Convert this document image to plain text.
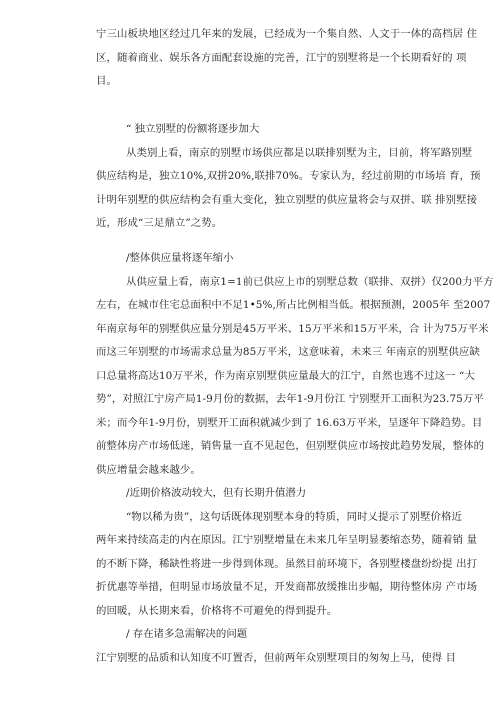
宁三山板块地区经过几年来的发展，已经成为一个集自然、人文于一体的高档居 住
区，随着商业、娱乐各方面配套设施的完善，江宁的别墅将是一个长期看好的 项
目。
“ 独立别墅的份额将逐步加大
从类别上看，南京的别墅市场供应都是以联排别墅为主，目前，将军路别墅
供应结构是，独立10%,双拼20%,联排70%。专家认为，经过前期的市场培 育，预
计明年别墅的供应结构会有重大变化，独立别墅的供应量将会与双拼、联 排别墅接
近，形成“三足鼎立”之势。
/整体供应量将逐年缩小
从供应量上看，南京1=1前已供应上市的别墅总数（联排、双拼）仅200力平方
左右，在城市住宅总面积中不足1•5%,所占比例相当低。根据预测，2005年 至2007
年南京每年的别墅供应量分别是45万平米、15万平米和15万平米，合 计为75万平米
而这三年别墅的市场需求总量为85万平米，这意味着，未来三 年南京的别墅供应缺
口总量将高达10万平米，作为南京别墅供应量最大的江宁，自然也逃不过这一 “大
势”，对照江宁房产局1-9月份的数据，去年1-9月份江 宁别墅开工面积为23.75万平
米；而今年1-9月份，别墅开工面积就减少到了 16.63万平米，呈逐年下降趋势。目
前整体房产市场低迷，销售量一直不见起色，但别墅供应市场按此趋势发展，整体的
供应增量会越来越少。
/近期价格波动较大，但有长期升值潜力
“物以稀为贵”，这句话既体现别墅本身的特质，同时乂提示了别墅价格近
两年来持续高走的内在原因。江宁别墅增量在未来几年呈明显萎缩态势，随着销 量
的不断下降，稀缺性将进一步得到体现。虽然目前环境下，各别墅楼盘纷纷提 出打
折优惠等举措，但明显市场放量不足，开发商都放缓推出步幅，期待整体房 产市场
的回暖，从长期来看，价格将不可避免的得到提升。
/ 存在诸多急需解决的问题
江宁别墅的品质和认知度不叮置否，但前两年众别墅项目的匆匆上马，使得 目
